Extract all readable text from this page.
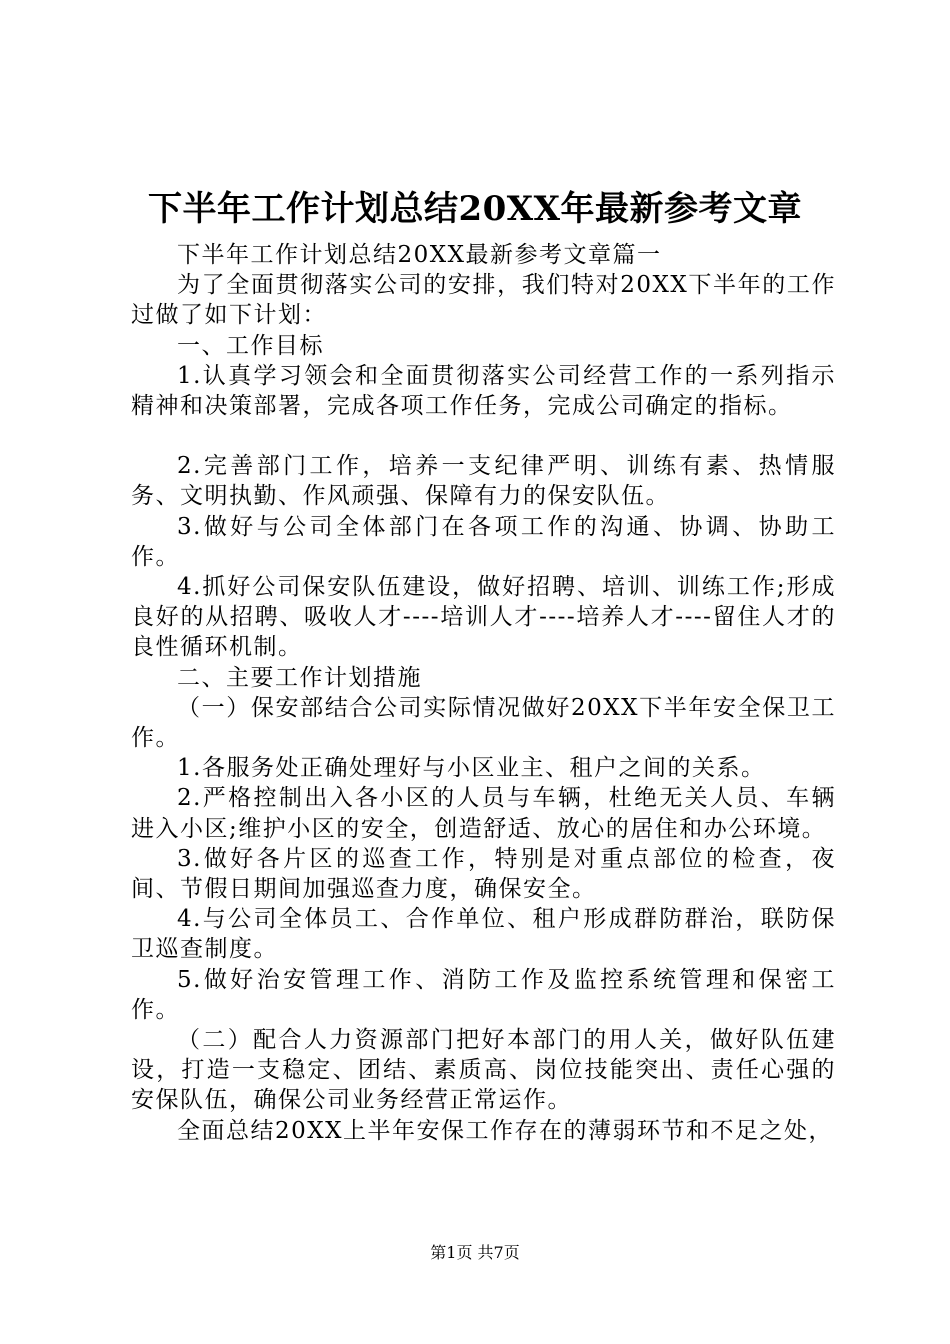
下半年工作计划总结20XX年最新参考文章

下半年工作计划总结20XX最新参考文章篇一

为了全面贯彻落实公司的安排，我们特对20XX下半年的工作过做了如下计划：

一、工作目标

1.认真学习领会和全面贯彻落实公司经营工作的一系列指示精神和决策部署，完成各项工作任务，完成公司确定的指标。

2.完善部门工作，培养一支纪律严明、训练有素、热情服务、文明执勤、作风顽强、保障有力的保安队伍。

3.做好与公司全体部门在各项工作的沟通、协调、协助工作。

4.抓好公司保安队伍建设，做好招聘、培训、训练工作;形成良好的从招聘、吸收人才----培训人才----培养人才----留住人才的良性循环机制。

二、主要工作计划措施

（一）保安部结合公司实际情况做好20XX下半年安全保卫工作。

1.各服务处正确处理好与小区业主、租户之间的关系。

2.严格控制出入各小区的人员与车辆，杜绝无关人员、车辆进入小区;维护小区的安全，创造舒适、放心的居住和办公环境。

3.做好各片区的巡查工作，特别是对重点部位的检查，夜间、节假日期间加强巡查力度，确保安全。

4.与公司全体员工、合作单位、租户形成群防群治，联防保卫巡查制度。

5.做好治安管理工作、消防工作及监控系统管理和保密工作。

（二）配合人力资源部门把好本部门的用人关，做好队伍建设，打造一支稳定、团结、素质高、岗位技能突出、责任心强的安保队伍，确保公司业务经营正常运作。

全面总结20XX上半年安保工作存在的薄弱环节和不足之处，

第1页 共7页
